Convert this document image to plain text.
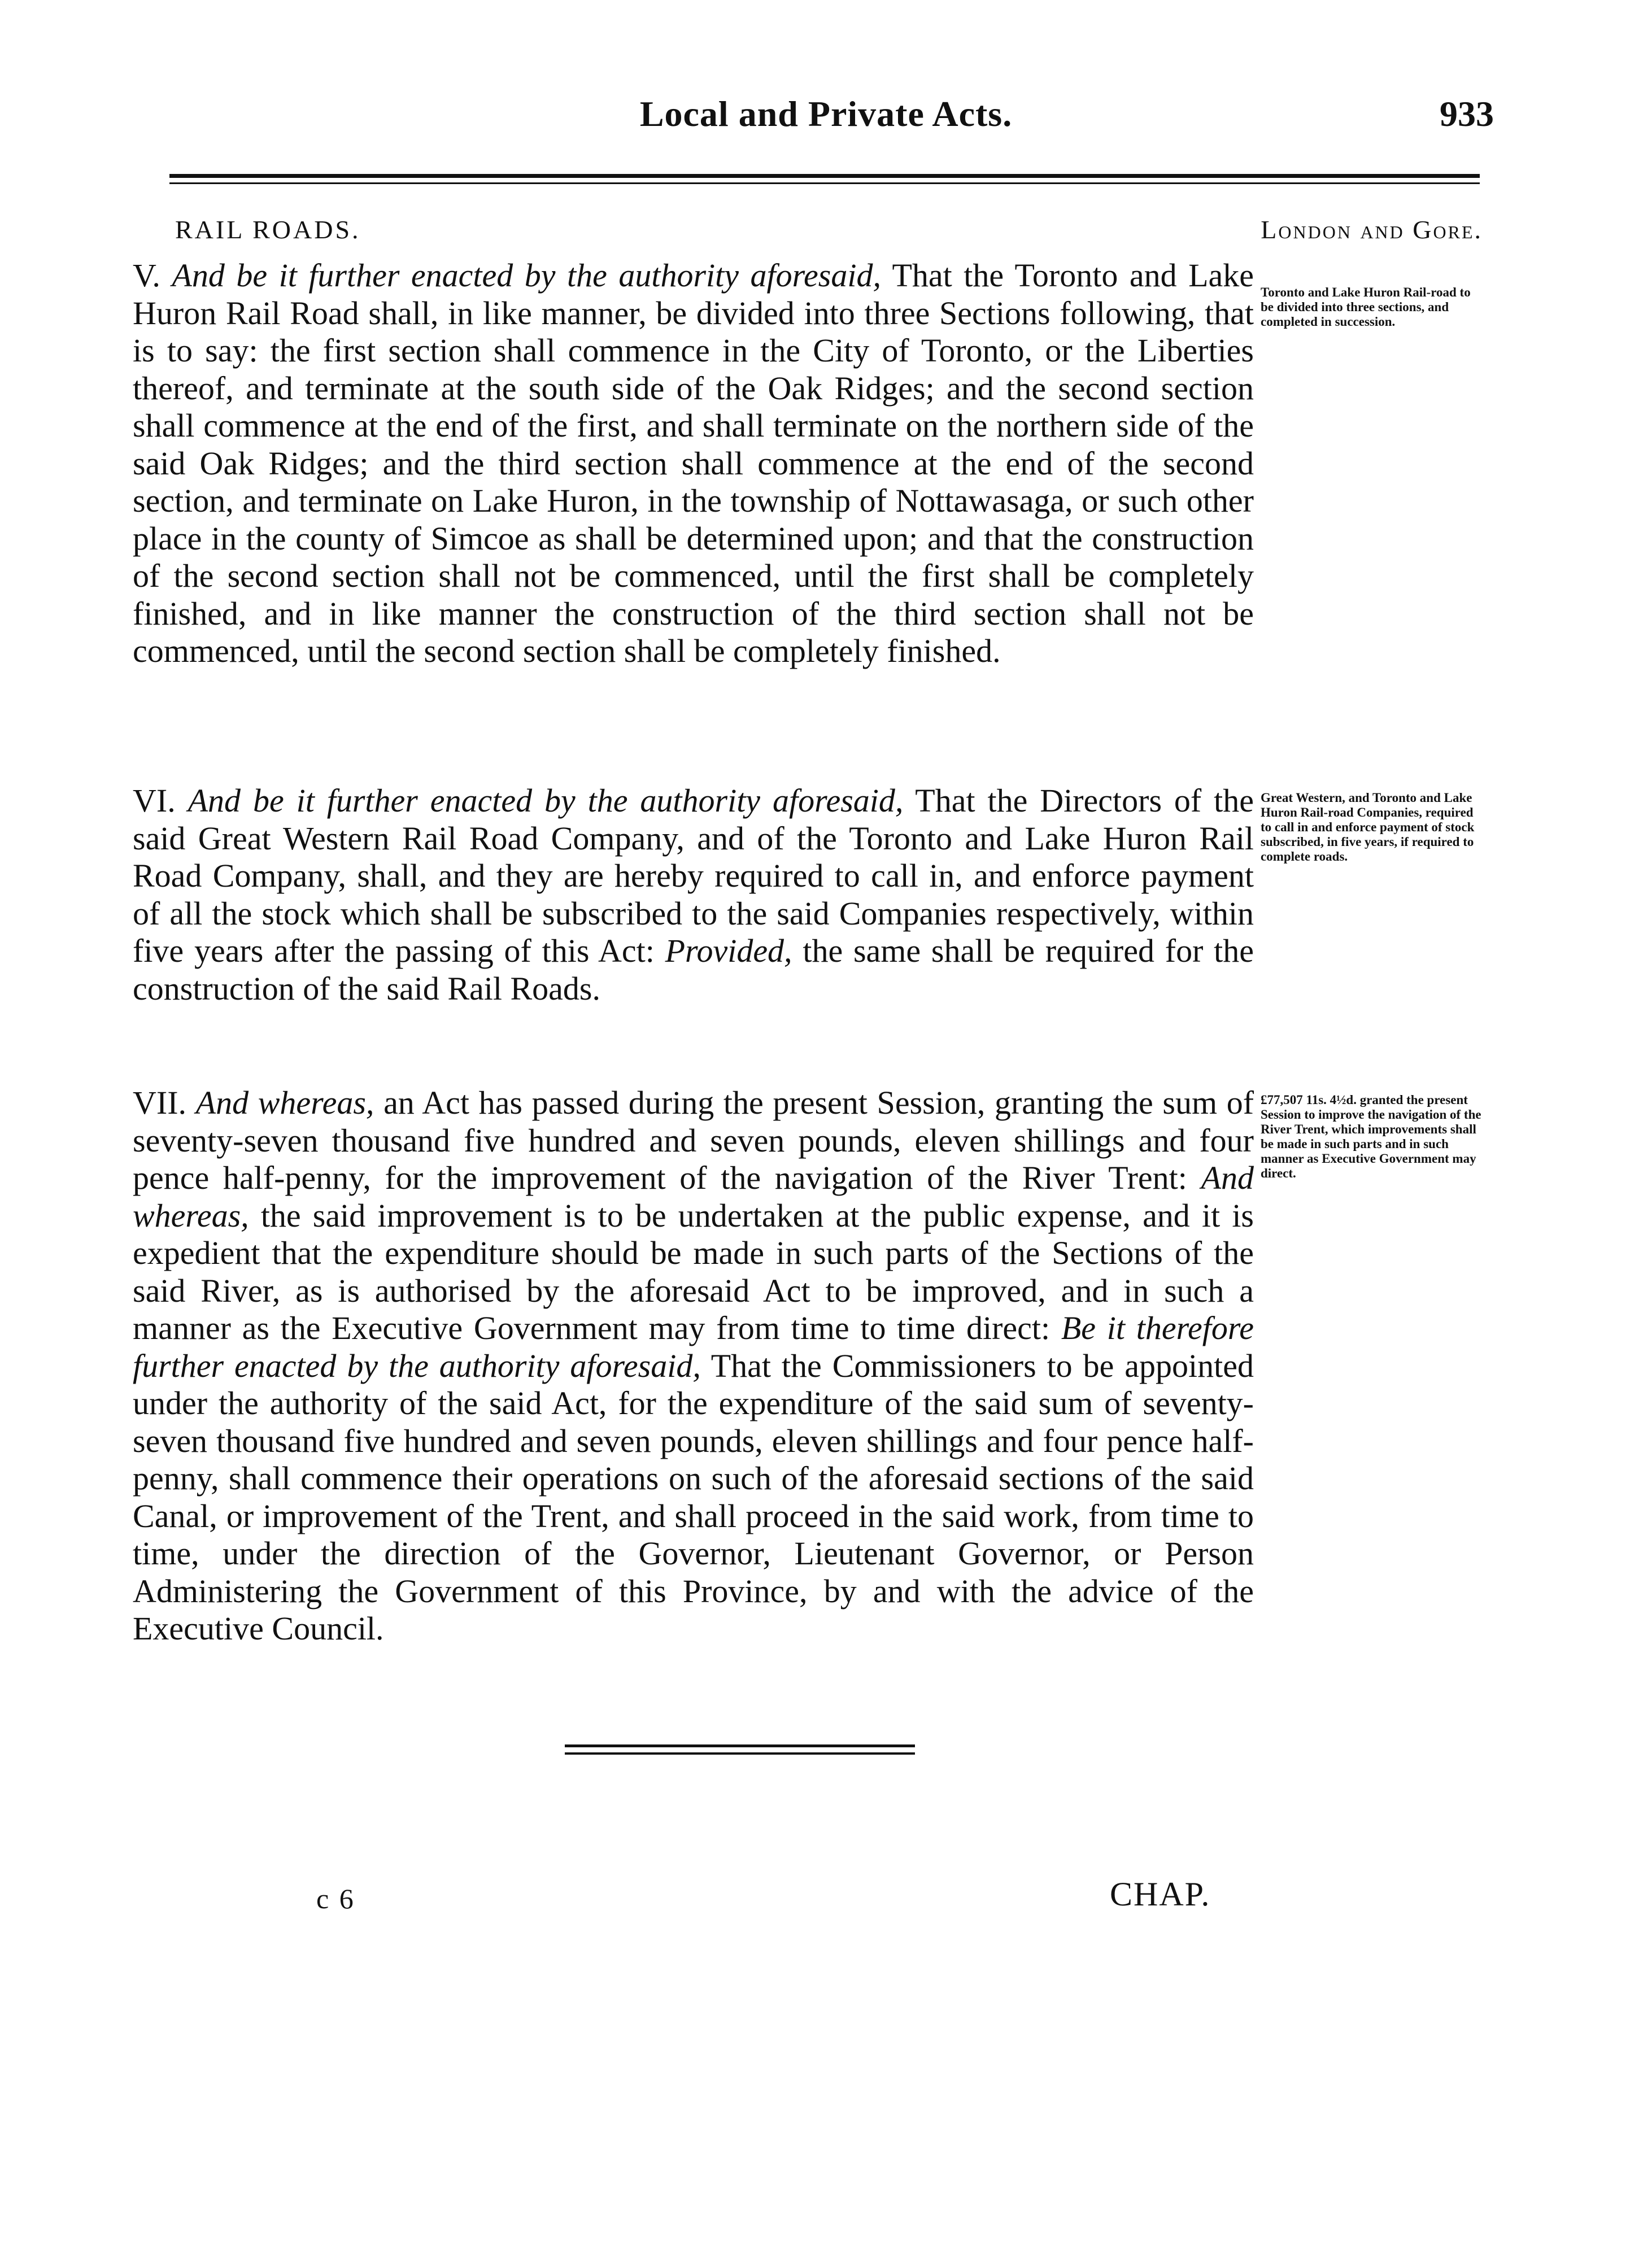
Local and Private Acts.	933
RAIL ROADS.	London and Gore.

V. And be it further enacted by the authority aforesaid, That the Toronto and Lake Huron Rail Road shall, in like manner, be divided into three Sections following, that is to say: the first section shall commence in the City of Toronto, or the Liberties thereof, and terminate at the south side of the Oak Ridges; and the second section shall commence at the end of the first, and shall terminate on the northern side of the said Oak Ridges; and the third section shall commence at the end of the second section, and terminate on Lake Huron, in the township of Nottawasaga, or such other place in the county of Simcoe as shall be determined upon; and that the construction of the second section shall not be commenced, until the first shall be completely finished, and in like manner the construction of the third section shall not be commenced, until the second section shall be completely finished.

Toronto and Lake Huron Rail-road to be divided into three sections, and completed in succession.

VI. And be it further enacted by the authority aforesaid, That the Directors of the said Great Western Rail Road Company, and of the Toronto and Lake Huron Rail Road Company, shall, and they are hereby required to call in, and enforce payment of all the stock which shall be subscribed to the said Companies respectively, within five years after the passing of this Act: Provided, the same shall be required for the construction of the said Rail Roads.

Great Western, and Toronto and Lake Huron Rail-road Companies, required to call in and enforce payment of stock subscribed, in five years, if required to complete roads.

VII. And whereas, an Act has passed during the present Session, granting the sum of seventy-seven thousand five hundred and seven pounds, eleven shillings and four pence half-penny, for the improvement of the navigation of the River Trent: And whereas, the said improvement is to be undertaken at the public expense, and it is expedient that the expenditure should be made in such parts of the Sections of the said River, as is authorised by the aforesaid Act to be improved, and in such a manner as the Executive Government may from time to time direct: Be it therefore further enacted by the authority aforesaid, That the Commissioners to be appointed under the authority of the said Act, for the expenditure of the said sum of seventy-seven thousand five hundred and seven pounds, eleven shillings and four pence half-penny, shall commence their operations on such of the aforesaid sections of the said Canal, or improvement of the Trent, and shall proceed in the said work, from time to time, under the direction of the Governor, Lieutenant Governor, or Person Administering the Government of this Province, by and with the advice of the Executive Council.

£77,507 11s. 4½d. granted the present Session to improve the navigation of the River Trent, which improvements shall be made in such parts and in such manner as Executive Government may direct.
c 6	CHAP.
